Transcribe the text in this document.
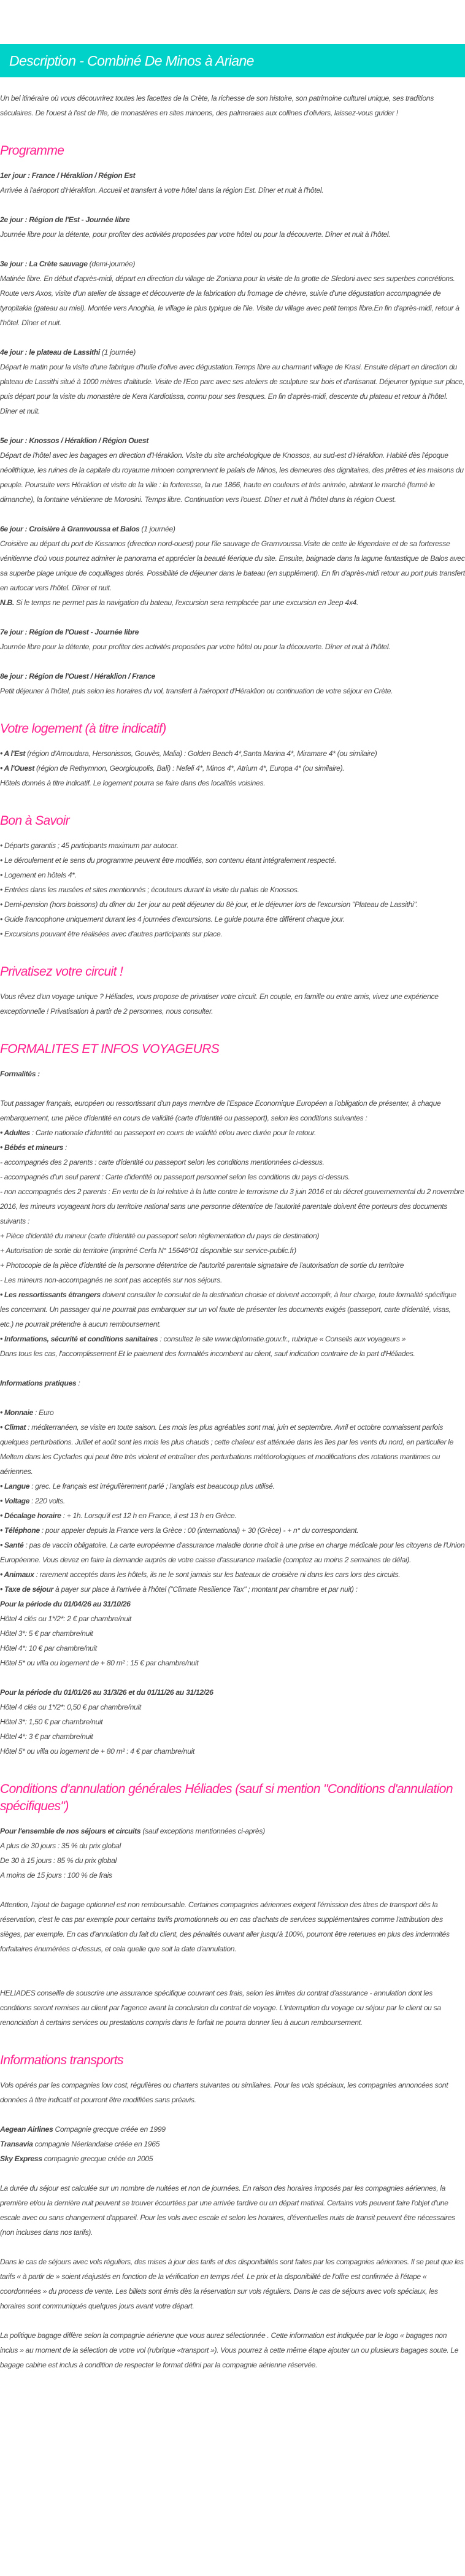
Description - Combiné De Minos à Ariane

Un bel itinéraire où vous découvrirez toutes les facettes de la Crète, la richesse de son histoire, son patrimoine culturel unique, ses traditions séculaires. De l'ouest à l'est de l'île, de monastères en sites minoens, des palmeraies aux collines d'oliviers, laissez-vous guider !

Programme

1er jour : France / Héraklion / Région Est

Arrivée à l'aéroport d'Héraklion. Accueil et transfert à votre hôtel dans la région Est. Dîner et nuit à l'hôtel.

2e jour : Région de l'Est - Journée libre

Journée libre pour la détente, pour profiter des activités proposées par votre hôtel ou pour la découverte. Dîner et nuit à l'hôtel.

3e jour : La Crète sauvage (demi-journée)

Matinée libre. En début d'après-midi, départ en direction du village de Zoniana pour la visite de la grotte de Sfedoni avec ses superbes concrétions. Route vers Axos, visite d'un atelier de tissage et découverte de la fabrication du fromage de chèvre, suivie d'une dégustation accompagnée de tyropitakia (gateau au miel). Montée vers Anoghia, le village le plus typique de l'ile. Visite du village avec petit temps libre.En fin d'après-midi, retour à l'hôtel. Dîner et nuit.

4e jour : le plateau de Lassithi (1 journée)

Départ le matin pour la visite d'une fabrique d'huile d'olive avec dégustation.Temps libre au charmant village de Krasi. Ensuite départ en direction du plateau de Lassithi situé à 1000 mètres d'altitude. Visite de l'Eco parc avec ses ateliers de sculpture sur bois et d'artisanat. Déjeuner typique sur place, puis départ pour la visite du monastère de Kera Kardiotissa, connu pour ses fresques. En fin d'après-midi, descente du plateau et retour à l'hôtel. Dîner et nuit.

5e jour : Knossos / Héraklion / Région Ouest

Départ de l'hôtel avec les bagages en direction d'Héraklion. Visite du site archéologique de Knossos, au sud-est d'Héraklion. Habité dès l'époque néolithique, les ruines de la capitale du royaume minoen comprennent le palais de Minos, les demeures des dignitaires, des prêtres et les maisons du peuple. Poursuite vers Héraklion et visite de la ville : la forteresse, la rue 1866, haute en couleurs et très animée, abritant le marché (fermé le dimanche), la fontaine vénitienne de Morosini. Temps libre. Continuation vers l'ouest. Dîner et nuit à l'hôtel dans la région Ouest.

6e jour : Croisière à Gramvoussa et Balos (1 journée)

Croisière au départ du port de Kissamos (direction nord-ouest) pour l'ile sauvage de Gramvoussa.Visite de cette ile légendaire et de sa forteresse vénitienne d'où vous pourrez admirer le panorama et apprécier la beauté féerique du site. Ensuite, baignade dans la lagune fantastique de Balos avec sa superbe plage unique de coquillages dorés. Possibilité de déjeuner dans le bateau (en supplément). En fin d'après-midi retour au port puis transfert en autocar vers l'hôtel. Dîner et nuit.

N.B. Si le temps ne permet pas la navigation du bateau, l'excursion sera remplacée par une excursion en Jeep 4x4.

7e jour : Région de l'Ouest - Journée libre

Journée libre pour la détente, pour profiter des activités proposées par votre hôtel ou pour la découverte. Dîner et nuit à l'hôtel.

8e jour : Région de l'Ouest / Héraklion / France

Petit déjeuner à l'hôtel, puis selon les horaires du vol, transfert à l'aéroport d'Héraklion ou continuation de votre séjour en Crète.

Votre logement (à titre indicatif)

• A l'Est (région d'Amoudara, Hersonissos, Gouvès, Malia) : Golden Beach 4*,Santa Marina 4*, Miramare 4* (ou similaire)

• A l'Ouest (région de Rethymnon, Georgioupolis, Bali) : Nefeli 4*, Minos 4*, Atrium 4*, Europa 4* (ou similaire).

Hôtels donnés à titre indicatif. Le logement pourra se faire dans des localités voisines.

Bon à Savoir

• Départs garantis ; 45 participants maximum par autocar.

• Le déroulement et le sens du programme peuvent être modifiés, son contenu étant intégralement respecté.

• Logement en hôtels 4*.

• Entrées dans les musées et sites mentionnés ; écouteurs durant la visite du palais de Knossos.

• Demi-pension (hors boissons) du dîner du 1er jour au petit déjeuner du 8è jour, et le déjeuner lors de l'excursion "Plateau de Lassithi".

• Guide francophone uniquement durant les 4 journées d'excursions. Le guide pourra être différent chaque jour.

• Excursions pouvant être réalisées avec d'autres participants sur place.

Privatisez votre circuit !

Vous rêvez d'un voyage unique ? Héliades, vous propose de privatiser votre circuit. En couple, en famille ou entre amis, vivez une expérience exceptionnelle ! Privatisation à partir de 2 personnes, nous consulter.

FORMALITES ET INFOS VOYAGEURS

Formalités :

Tout passager français, européen ou ressortissant d'un pays membre de l'Espace Economique Européen a l'obligation de présenter, à chaque embarquement, une pièce d'identité en cours de validité (carte d'identité ou passeport), selon les conditions suivantes :

• Adultes : Carte nationale d'identité ou passeport en cours de validité et/ou avec durée pour le retour.

• Bébés et mineurs :

- accompagnés des 2 parents : carte d'identité ou passeport selon les conditions mentionnées ci-dessus.

- accompagnés d'un seul parent : Carte d'identité ou passeport personnel selon les conditions du pays ci-dessus.

- non accompagnés des 2 parents : En vertu de la loi relative à la lutte contre le terrorisme du 3 juin 2016 et du décret gouvernemental du 2 novembre 2016, les mineurs voyageant hors du territoire national sans une personne détentrice de l'autorité parentale doivent être porteurs des documents suivants :

+ Pièce d'identité du mineur (carte d'identité ou passeport selon règlementation du pays de destination)

+ Autorisation de sortie du territoire (imprimé Cerfa N° 15646*01 disponible sur service-public.fr)

+ Photocopie de la pièce d'identité de la personne détentrice de l'autorité parentale signataire de l'autorisation de sortie du territoire

- Les mineurs non-accompagnés ne sont pas acceptés sur nos séjours.

• Les ressortissants étrangers doivent consulter le consulat de la destination choisie et doivent accomplir, à leur charge, toute formalité spécifique les concernant. Un passager qui ne pourrait pas embarquer sur un vol faute de présenter les documents exigés (passeport, carte d'identité, visas, etc.) ne pourrait prétendre à aucun remboursement.

• Informations, sécurité et conditions sanitaires : consultez le site www.diplomatie.gouv.fr., rubrique « Conseils aux voyageurs »

Dans tous les cas, l'accomplissement Et le paiement des formalités incombent au client, sauf indication contraire de la part d'Héliades.

Informations pratiques :

• Monnaie : Euro

• Climat : méditerranéen, se visite en toute saison. Les mois les plus agréables sont mai, juin et septembre. Avril et octobre connaissent parfois quelques perturbations. Juillet et août sont les mois les plus chauds ; cette chaleur est atténuée dans les îles par les vents du nord, en particulier le Meltem dans les Cyclades qui peut être très violent et entraîner des perturbations météorologiques et modifications des rotations maritimes ou aériennes.

• Langue : grec. Le français est irrégulièrement parlé ; l'anglais est beaucoup plus utilisé.

• Voltage : 220 volts.

• Décalage horaire : + 1h. Lorsqu'il est 12 h en France, il est 13 h en Grèce.

• Téléphone : pour appeler depuis la France vers la Grèce : 00 (international) + 30 (Grèce) - + n° du correspondant.

• Santé : pas de vaccin obligatoire. La carte européenne d'assurance maladie donne droit à une prise en charge médicale pour les citoyens de l'Union Européenne. Vous devez en faire la demande auprès de votre caisse d'assurance maladie (comptez au moins 2 semaines de délai).

• Animaux : rarement acceptés dans les hôtels, ils ne le sont jamais sur les bateaux de croisière ni dans les cars lors des circuits.

• Taxe de séjour à payer sur place à l'arrivée à l'hôtel ("Climate Resilience Tax" ; montant par chambre et par nuit) :

Pour la période du 01/04/26 au 31/10/26

Hôtel 4 clés ou 1*/2*: 2 € par chambre/nuit

Hôtel 3*: 5 € par chambre/nuit

Hôtel 4*: 10 € par chambre/nuit

Hôtel 5* ou villa ou logement de + 80 m² : 15 € par chambre/nuit

Pour la période du 01/01/26 au 31/3/26 et du 01/11/26 au 31/12/26

Hôtel 4 clés ou 1*/2*: 0,50 € par chambre/nuit

Hôtel 3*: 1,50 € par chambre/nuit

Hôtel 4*: 3 € par chambre/nuit

Hôtel 5* ou villa ou logement de + 80 m² : 4 € par chambre/nuit

Conditions d'annulation générales Héliades (sauf si mention "Conditions d'annulation spécifiques")

Pour l'ensemble de nos séjours et circuits (sauf exceptions mentionnées ci-après)

A plus de 30 jours : 35 % du prix global

De 30 à 15 jours : 85 % du prix global

A moins de 15 jours : 100 % de frais

Attention, l'ajout de bagage optionnel est non remboursable. Certaines compagnies aériennes exigent l'émission des titres de transport dès la réservation, c'est le cas par exemple pour certains tarifs promotionnels ou en cas d'achats de services supplémentaires comme l'attribution des sièges, par exemple. En cas d'annulation du fait du client, des pénalités ouvant aller jusqu'à 100%, pourront être retenues en plus des indemnités forfaitaires énumérées ci-dessus, et cela quelle que soit la date d'annulation.

HELIADES conseille de souscrire une assurance spécifique couvrant ces frais, selon les limites du contrat d'assurance - annulation dont les conditions seront remises au client par l'agence avant la conclusion du contrat de voyage. L'interruption du voyage ou séjour par le client ou sa renonciation à certains services ou prestations compris dans le forfait ne pourra donner lieu à aucun remboursement.

Informations transports

Vols opérés par les compagnies low cost, régulières ou charters suivantes ou similaires. Pour les vols spéciaux, les compagnies annoncées sont données à titre indicatif et pourront être modifiées sans préavis.

Aegean Airlines Compagnie grecque créée en 1999

Transavia compagnie Néerlandaise créée en 1965

Sky Express compagnie grecque créée en 2005

La durée du séjour est calculée sur un nombre de nuitées et non de journées. En raison des horaires imposés par les compagnies aériennes, la première et/ou la dernière nuit peuvent se trouver écourtées par une arrivée tardive ou un départ matinal. Certains vols peuvent faire l'objet d'une escale avec ou sans changement d'appareil. Pour les vols avec escale et selon les horaires, d'éventuelles nuits de transit peuvent être nécessaires (non incluses dans nos tarifs).

Dans le cas de séjours avec vols réguliers, des mises à jour des tarifs et des disponibilités sont faites par les compagnies aériennes. Il se peut que les tarifs « à partir de » soient réajustés en fonction de la vérification en temps réel. Le prix et la disponibilité de l'offre est confirmée à l'étape « coordonnées » du process de vente. Les billets sont émis dès la réservation sur vols réguliers. Dans le cas de séjours avec vols spéciaux, les horaires sont communiqués quelques jours avant votre départ.

La politique bagage diffère selon la compagnie aérienne que vous aurez sélectionnée . Cette information est indiquée par le logo « bagages non inclus » au moment de la sélection de votre vol (rubrique «transport »). Vous pourrez à cette même étape ajouter un ou plusieurs bagages soute. Le bagage cabine est inclus à condition de respecter le format défini par la compagnie aérienne réservée.
